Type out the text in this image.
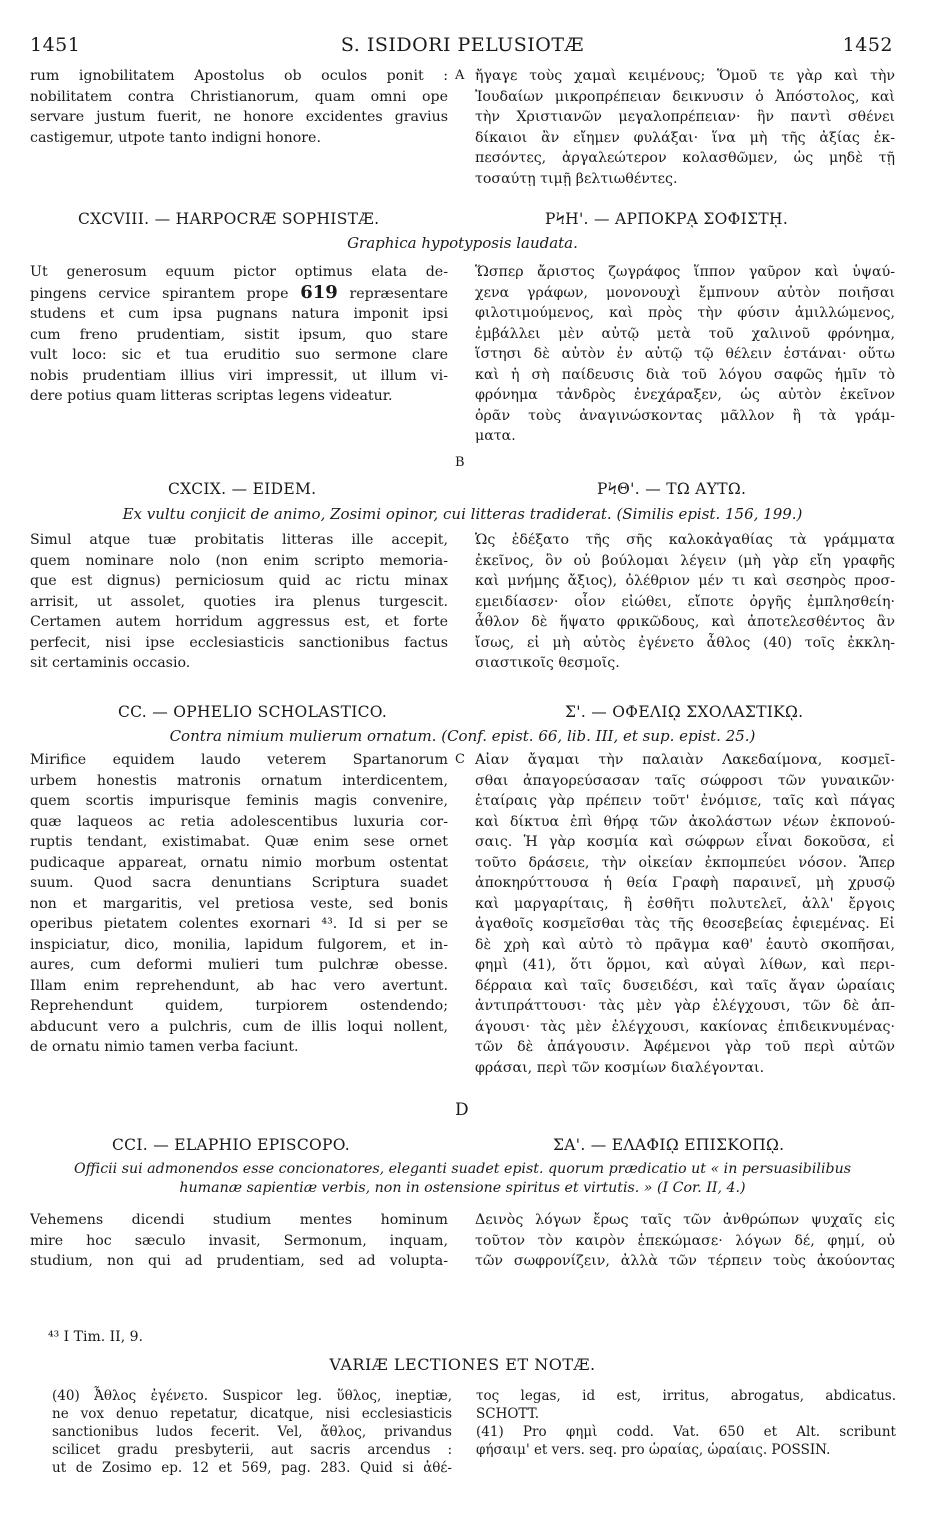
1451	S. ISIDORI PELUSIOTÆ	1452
rum ignobilitatem Apostolus ob oculos ponit :
nobilitatem contra Christianorum, quam omni ope
servare justum fuerit, ne honore excidentes gravius
castigemur, utpote tanto indigni honore.
A ἤγαγε τοὺς χαμαὶ κειμένους; Ὅμοῦ τε γὰρ καὶ τὴν
Ἰουδαίων μικροπρέπειαν δεικνυσιν ὁ Ἀπόστολος, καὶ
τὴν Χριστιανῶν μεγαλοπρέπειαν· ἣν παντὶ σθένει
δίκαιοι ἂν εἴημεν φυλάξαι· ἵνα μὴ τῆς ἀξίας ἐκ-
πεσόντες, ἀργαλεώτερον κολασθῶμεν, ὡς μηδὲ τῇ
τοσαύτῃ τιμῇ βελτιωθέντες.
CXCVIII. — HARPOCRÆ SOPHISTÆ.	ΡϞΗ'. — ΑΡΠΟΚΡᾼ ΣΟΦΙΣΤῌ.
Graphica hypotyposis laudata.
Ut generosum equum pictor optimus elata de-
pingens cervice spirantem prope 619 repræsentare
studens et cum ipsa pugnans natura imponit ipsi
cum freno prudentiam, sistit ipsum, quo stare
vult loco: sic et tua eruditio suo sermone clare
nobis prudentiam illius viri impressit, ut illum vi-
dere potius quam litteras scriptas legens videatur.
Ὥσπερ ἄριστος ζωγράφος ἵππον γαῦρον καὶ ὑψαύ-
χενα γράφων, μονονουχὶ ἔμπνουν αὐτὸν ποιῆσαι
φιλοτιμούμενος, καὶ πρὸς τὴν φύσιν ἁμιλλώμενος,
ἐμβάλλει μὲν αὐτῷ μετὰ τοῦ χαλινοῦ φρόνημα,
ἵστησι δὲ αὐτὸν ἐν αὐτῷ τῷ θέλειν ἑστάναι· οὕτω
καὶ ἡ σὴ παίδευσις διὰ τοῦ λόγου σαφῶς ἡμῖν τὸ
φρόνημα τἀνδρὸς ἐνεχάραξεν, ὡς αὐτὸν ἐκεῖνον
ὁρᾶν τοὺς ἀναγινώσκοντας μᾶλλον ἢ τὰ γράμ-
ματα.
B
CXCIX. — EIDEM.	ΡϞΘ'. — ΤΩ ΑΥΤΩ.
Ex vultu conjicit de animo, Zosimi opinor, cui litteras tradiderat. (Similis epist. 156, 199.)
Simul atque tuæ probitatis litteras ille accepit,
quem nominare nolo (non enim scripto memoria-
que est dignus) perniciosum quid ac rictu minax
arrisit, ut assolet, quoties ira plenus turgescit.
Certamen autem horridum aggressus est, et forte
perfecit, nisi ipse ecclesiasticis sanctionibus factus
sit certaminis occasio.
Ὡς ἐδέξατο τῆς σῆς καλοκἀγαθίας τὰ γράμματα
ἐκεῖνος, ὃν οὐ βούλομαι λέγειν (μὴ γὰρ εἴη γραφῆς
καὶ μνήμης ἄξιος), ὀλέθριον μέν τι καὶ σεσηρὸς προσ-
εμειδίασεν· οἷον εἰώθει, εἴποτε ὀργῆς ἐμπλησθείη·
ἆθλον δὲ ἥψατο φρικῶδους, καὶ ἀποτελεσθέντος ἂν
ἴσως, εἰ μὴ αὐτὸς ἐγένετο ἆθλος (40) τοῖς ἐκκλη-
σιαστικοῖς θεσμοῖς.
CC. — OPHELIO SCHOLASTICO.	Σ'. — ΟΦΕΛΙῼ ΣΧΟΛΑΣΤΙΚῼ.
Contra nimium mulierum ornatum. (Conf. epist. 66, lib. III, et sup. epist. 25.)
Mirifice equidem laudo veterem Spartanorum
urbem honestis matronis ornatum interdicentem,
quem scortis impurisque feminis magis convenire,
quæ laqueos ac retia adolescentibus luxuria cor-
ruptis tendant, existimabat. Quæ enim sese ornet
pudicaque appareat, ornatu nimio morbum ostentat
suum. Quod sacra denuntians Scriptura suadet
non et margaritis, vel pretiosa veste, sed bonis
operibus pietatem colentes exornari ⁴³. Id si per se
inspiciatur, dico, monilia, lapidum fulgorem, et in-
aures, cum deformi mulieri tum pulchræ obesse.
Illam enim reprehendunt, ab hac vero avertunt.
Reprehendunt quidem, turpiorem ostendendo;
abducunt vero a pulchris, cum de illis loqui nollent,
de ornatu nimio tamen verba faciunt.
C Αἰαν ἄγαμαι τὴν παλαιὰν Λακεδαίμονα, κοσμεῖ-
σθαι ἀπαγορεύσασαν ταῖς σώφροσι τῶν γυναικῶν·
ἑταίραις γὰρ πρέπειν τοῦτ' ἐνόμισε, ταῖς καὶ πάγας
καὶ δίκτυα ἐπὶ θήρᾳ τῶν ἀκολάστων νέων ἐκπονού-
σαις. Ἡ γὰρ κοσμία καὶ σώφρων εἶναι δοκοῦσα, εἰ
τοῦτο δράσειε, τὴν οἰκείαν ἐκπομπεύει νόσον. Ἅπερ
ἀποκηρύττουσα ἡ θεία Γραφὴ παραινεῖ, μὴ χρυσῷ
καὶ μαργαρίταις, ἢ ἐσθῆτι πολυτελεῖ, ἀλλ' ἔργοις
ἀγαθοῖς κοσμεῖσθαι τὰς τῆς θεοσεβείας ἐφιεμένας. Εἰ
δὲ χρὴ καὶ αὐτὸ τὸ πρᾶγμα καθ' ἑαυτὸ σκοπῆσαι,
φημὶ (41), ὅτι ὅρμοι, καὶ αὐγαὶ λίθων, καὶ περι-
δέρραια καὶ ταῖς δυσειδέσι, καὶ ταῖς ἄγαν ὡραίαις
ἀντιπράττουσι· τὰς μὲν γὰρ ἐλέγχουσι, τῶν δὲ ἀπ-
άγουσι· τὰς μὲν ἐλέγχουσι, κακίονας ἐπιδεικνυμένας·
τῶν δὲ ἀπάγουσιν. Ἀφέμενοι γὰρ τοῦ περὶ αὐτῶν
φράσαι, περὶ τῶν κοσμίων διαλέγονται.
D
CCI. — ELAPHIO EPISCOPO.	ΣΑ'. — ΕΛΑΦΙῼ ΕΠΙΣΚΟΠῼ.
Officii sui admonendos esse concionatores, eleganti suadet epist. quorum prædicatio ut « in persuasibilibus
humanæ sapientiæ verbis, non in ostensione spiritus et virtutis. » (I Cor. II, 4.)
Vehemens dicendi studium mentes hominum
mire hoc sæculo invasit, Sermonum, inquam,
studium, non qui ad prudentiam, sed ad volupta-
Δεινὸς λόγων ἔρως ταῖς τῶν ἀνθρώπων ψυχαῖς εἰς
τοῦτον τὸν καιρὸν ἐπεκώμασε· λόγων δέ, φημί, οὐ
τῶν σωφρονίζειν, ἀλλὰ τῶν τέρπειν τοὺς ἀκούοντας
⁴³ I Tim. II, 9.
VARIÆ LECTIONES ET NOTÆ.
(40) Ἆθλος ἐγένετο. Suspicor leg. ὕθλος, ineptiæ,
ne vox denuo repetatur, dicatque, nisi ecclesiasticis
sanctionibus ludos fecerit. Vel, ἄθλος, privandus
scilicet gradu presbyterii, aut sacris arcendus :
ut de Zosimo ep. 12 et 569, pag. 283. Quid si ἀθέ-
τος legas, id est, irritus, abrogatus, abdicatus.
SCHOTT.
(41) Pro φημὶ codd. Vat. 650 et Alt. scribunt
φήσαιμ' et vers. seq. pro ὡραίας, ὡραίαις. POSSIN.
